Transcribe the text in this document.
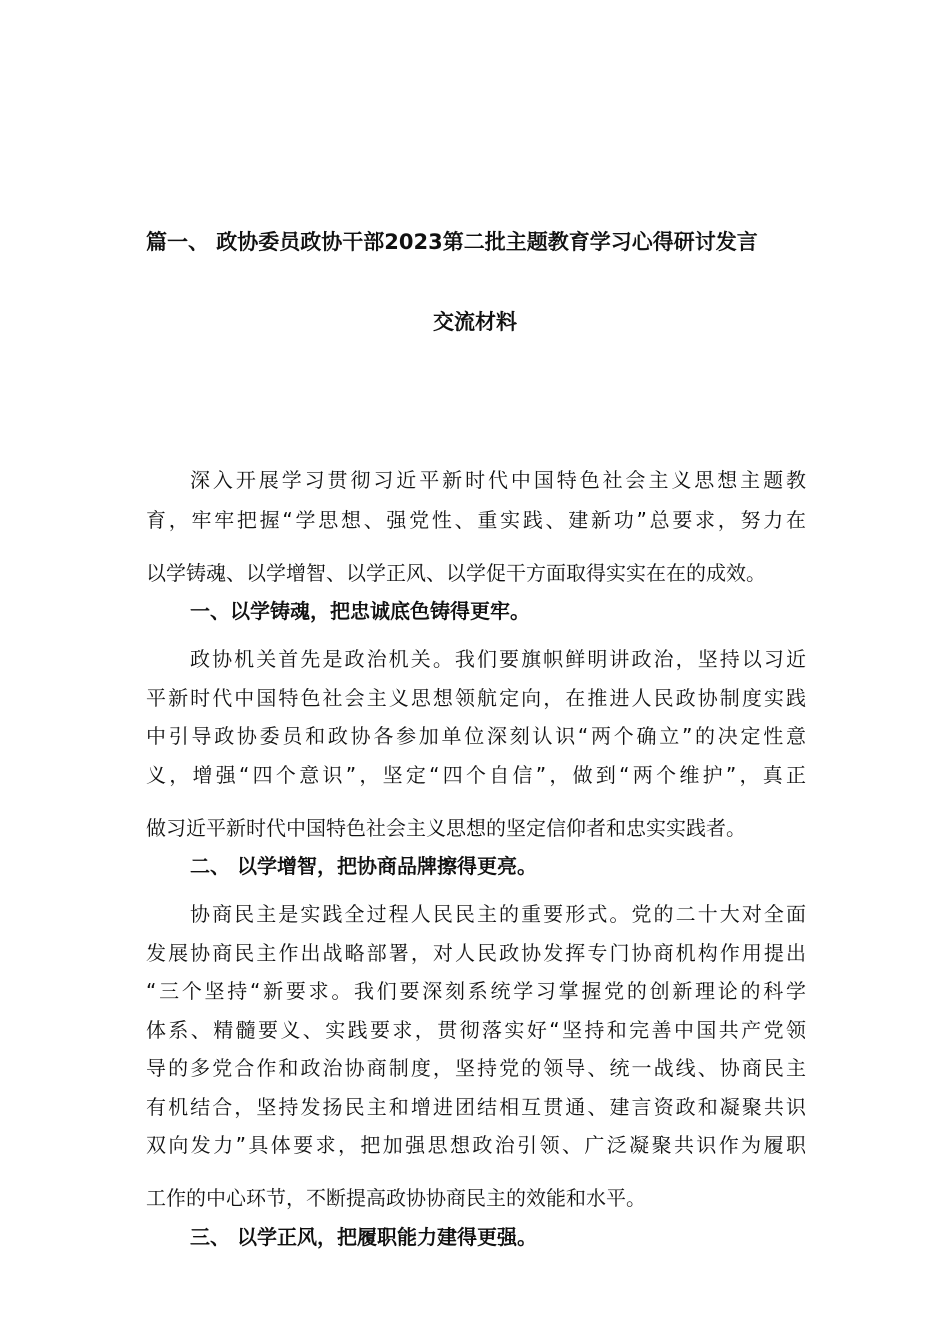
篇一、 政协委员政协干部2023第二批主题教育学习心得研讨发言
交流材料
深入开展学习贯彻习近平新时代中国特色社会主义思想主题教
育，牢牢把握“学思想、强党性、重实践、建新功”总要求，努力在
以学铸魂、以学增智、以学正风、以学促干方面取得实实在在的成效。
一、以学铸魂，把忠诚底色铸得更牢。
政协机关首先是政治机关。我们要旗帜鲜明讲政治，坚持以习近
平新时代中国特色社会主义思想领航定向，在推进人民政协制度实践
中引导政协委员和政协各参加单位深刻认识“两个确立”的决定性意
义，增强“四个意识”，坚定“四个自信”，做到“两个维护”，真正
做习近平新时代中国特色社会主义思想的坚定信仰者和忠实实践者。
二、 以学增智，把协商品牌擦得更亮。
协商民主是实践全过程人民民主的重要形式。党的二十大对全面
发展协商民主作出战略部署，对人民政协发挥专门协商机构作用提出
“三个坚持“新要求。我们要深刻系统学习掌握党的创新理论的科学
体系、精髓要义、实践要求，贯彻落实好“坚持和完善中国共产党领
导的多党合作和政治协商制度，坚持党的领导、统一战线、协商民主
有机结合，坚持发扬民主和增进团结相互贯通、建言资政和凝聚共识
双向发力”具体要求，把加强思想政治引领、广泛凝聚共识作为履职
工作的中心环节，不断提高政协协商民主的效能和水平。
三、 以学正风，把履职能力建得更强。
